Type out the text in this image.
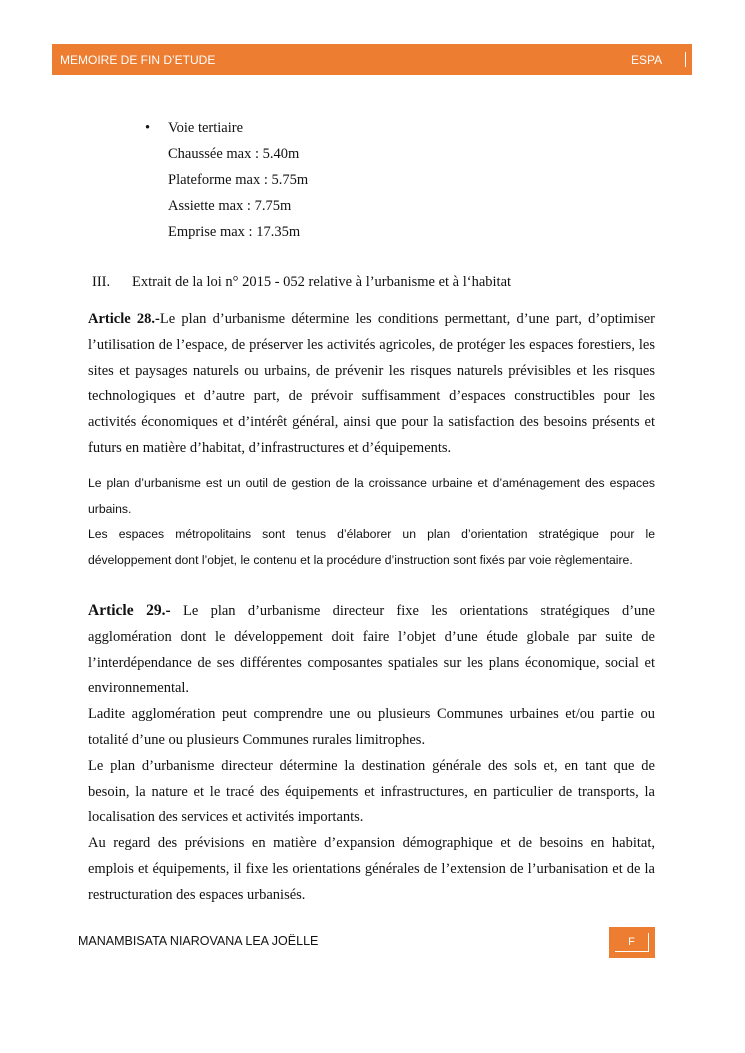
MEMOIRE DE FIN D’ETUDE	ESPA
• Voie tertiaire
Chaussée max : 5.40m
Plateforme max : 5.75m
Assiette max : 7.75m
Emprise max : 17.35m
III. Extrait de la loi n° 2015 - 052 relative à l’urbanisme et à l‘habitat
Article 28.-Le plan d’urbanisme détermine les conditions permettant, d’une part, d’optimiser l’utilisation de l’espace, de préserver les activités agricoles, de protéger les espaces forestiers, les sites et paysages naturels ou urbains, de prévenir les risques naturels prévisibles et les risques technologiques et d’autre part, de prévoir suffisamment d’espaces constructibles pour les activités économiques et d’intérêt général, ainsi que pour la satisfaction des besoins présents et futurs en matière d’habitat, d’infrastructures et d’équipements.
Le plan d’urbanisme est un outil de gestion de la croissance urbaine et d’aménagement des espaces urbains.
Les espaces métropolitains sont tenus d’élaborer un plan d’orientation stratégique pour le développement dont l’objet, le contenu et la procédure d’instruction sont fixés par voie règlementaire.

Article 29.- Le plan d’urbanisme directeur fixe les orientations stratégiques d’une agglomération dont le développement doit faire l’objet d’une étude globale par suite de l’interdépendance de ses différentes composantes spatiales sur les plans économique, social et environnemental.

Ladite agglomération peut comprendre une ou plusieurs Communes urbaines et/ou partie ou totalité d’une ou plusieurs Communes rurales limitrophes.

Le plan d’urbanisme directeur détermine la destination générale des sols et, en tant que de besoin, la nature et le tracé des équipements et infrastructures, en particulier de transports, la localisation des services et activités importants.

Au regard des prévisions en matière d’expansion démographique et de besoins en habitat, emplois et équipements, il fixe les orientations générales de l’extension de l’urbanisation et de la restructuration des espaces urbanisés.

MANAMBISATA NIAROVANA LEA JOËLLE	F
